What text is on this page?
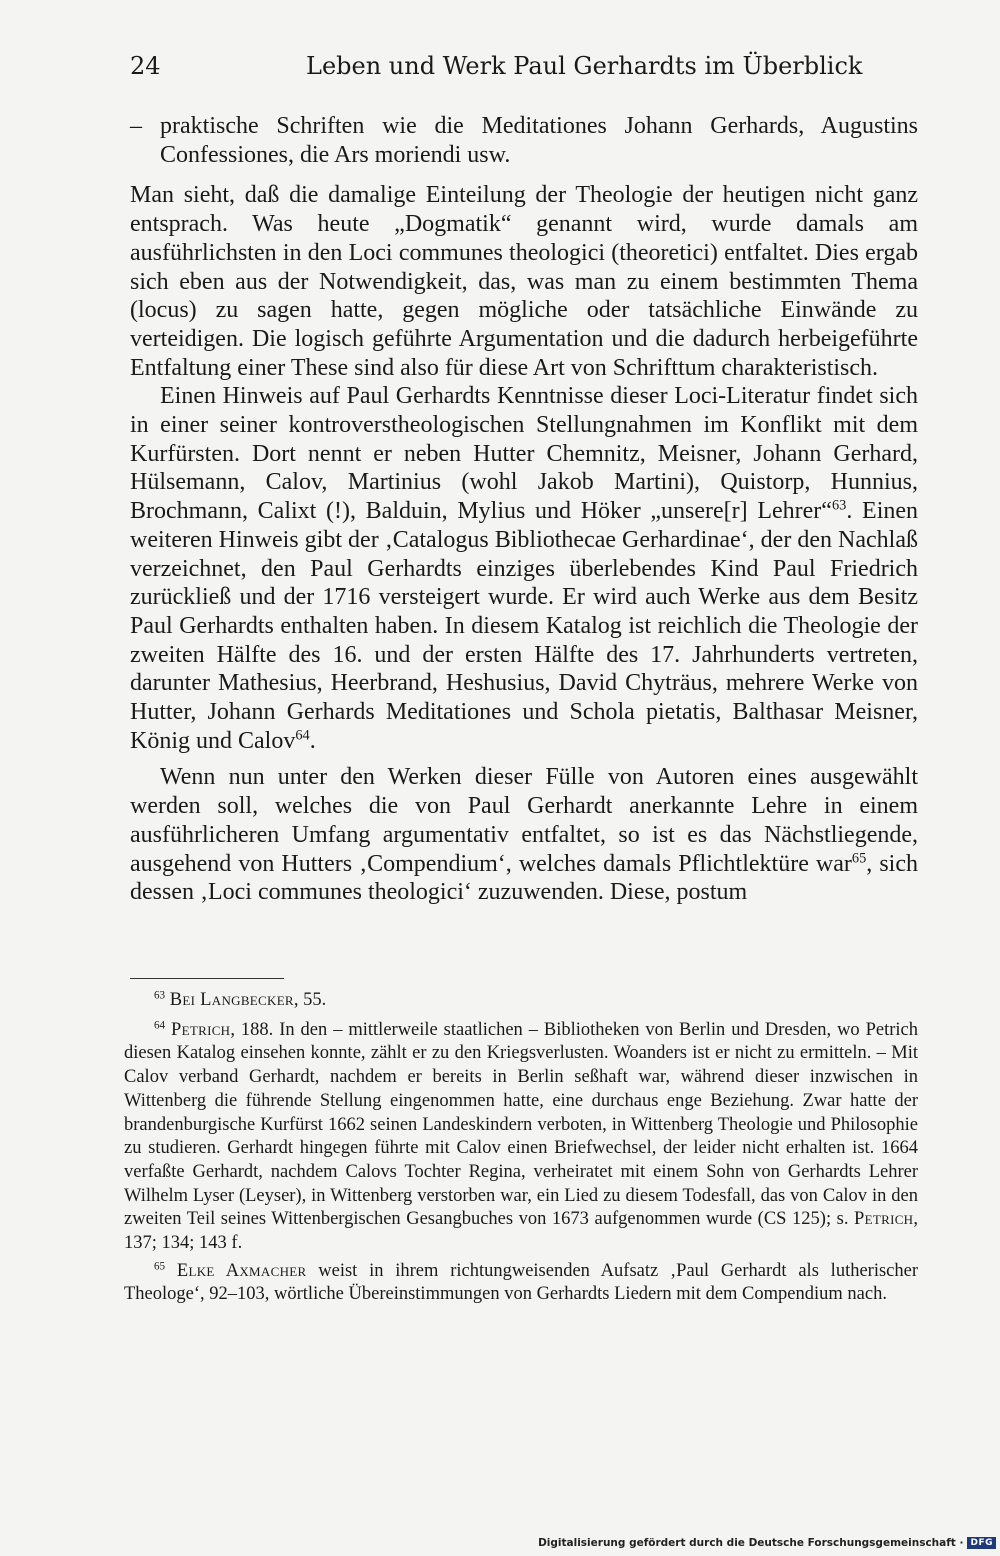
24	Leben und Werk Paul Gerhardts im Überblick

– praktische Schriften wie die Meditationes Johann Gerhards, Augustins Confessiones, die Ars moriendi usw.

Man sieht, daß die damalige Einteilung der Theologie der heutigen nicht ganz entsprach. Was heute „Dogmatik“ genannt wird, wurde damals am ausführlichsten in den Loci communes theologici (theoretici) entfaltet. Dies ergab sich eben aus der Notwendigkeit, das, was man zu einem bestimmten Thema (locus) zu sagen hatte, gegen mögliche oder tatsächliche Einwände zu verteidigen. Die logisch geführte Argumentation und die dadurch herbeigeführte Entfaltung einer These sind also für diese Art von Schrifttum charakteristisch.

Einen Hinweis auf Paul Gerhardts Kenntnisse dieser Loci-Literatur findet sich in einer seiner kontroverstheologischen Stellungnahmen im Konflikt mit dem Kurfürsten. Dort nennt er neben Hutter Chemnitz, Meisner, Johann Gerhard, Hülsemann, Calov, Martinius (wohl Jakob Martini), Quistorp, Hunnius, Brochmann, Calixt (!), Balduin, Mylius und Höker „unsere[r] Lehrer“$^{63}$. Einen weiteren Hinweis gibt der ‚Catalogus Bibliothecae Gerhardinae‘, der den Nachlaß verzeichnet, den Paul Gerhardts einziges überlebendes Kind Paul Friedrich zurückließ und der 1716 versteigert wurde. Er wird auch Werke aus dem Besitz Paul Gerhardts enthalten haben. In diesem Katalog ist reichlich die Theologie der zweiten Hälfte des 16. und der ersten Hälfte des 17. Jahrhunderts vertreten, darunter Mathesius, Heerbrand, Heshusius, David Chyträus, mehrere Werke von Hutter, Johann Gerhards Meditationes und Schola pietatis, Balthasar Meisner, König und Calov$^{64}$.

Wenn nun unter den Werken dieser Fülle von Autoren eines ausgewählt werden soll, welches die von Paul Gerhardt anerkannte Lehre in einem ausführlicheren Umfang argumentativ entfaltet, so ist es das Nächstliegende, ausgehend von Hutters ‚Compendium‘, welches damals Pflichtlektüre war$^{65}$, sich dessen ‚Loci communes theologici‘ zuzuwenden. Diese, postum

$^{63}$ Bei Langbecker, 55.

$^{64}$ Petrich, 188. In den – mittlerweile staatlichen – Bibliotheken von Berlin und Dresden, wo Petrich diesen Katalog einsehen konnte, zählt er zu den Kriegsverlusten. Woanders ist er nicht zu ermitteln. – Mit Calov verband Gerhardt, nachdem er bereits in Berlin seßhaft war, während dieser inzwischen in Wittenberg die führende Stellung eingenommen hatte, eine durchaus enge Beziehung. Zwar hatte der brandenburgische Kurfürst 1662 seinen Landeskindern verboten, in Wittenberg Theologie und Philosophie zu studieren. Gerhardt hingegen führte mit Calov einen Briefwechsel, der leider nicht erhalten ist. 1664 verfaßte Gerhardt, nachdem Calovs Tochter Regina, verheiratet mit einem Sohn von Gerhardts Lehrer Wilhelm Lyser (Leyser), in Wittenberg verstorben war, ein Lied zu diesem Todesfall, das von Calov in den zweiten Teil seines Wittenbergischen Gesangbuches von 1673 aufgenommen wurde (CS 125); s. Petrich, 137; 134; 143 f.

$^{65}$ Elke Axmacher weist in ihrem richtungweisenden Aufsatz ‚Paul Gerhardt als lutherischer Theologe‘, 92–103, wörtliche Übereinstimmungen von Gerhardts Liedern mit dem Compendium nach.

Digitalisierung gefördert durch die Deutsche Forschungsgemeinschaft · DFG
